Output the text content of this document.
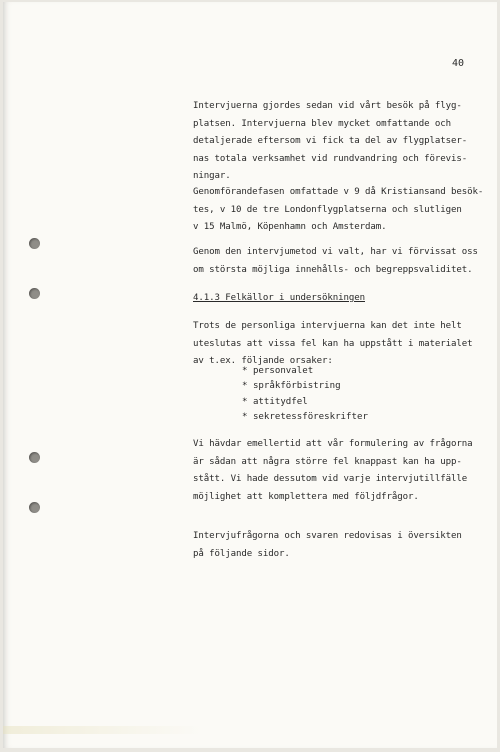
40
Intervjuerna gjordes sedan vid vårt besök på flyg-
platsen. Intervjuerna blev mycket omfattande och
detaljerade eftersom vi fick ta del av flygplatser-
nas totala verksamhet vid rundvandring och förevis-
ningar.
Genomförandefasen omfattade v 9 då Kristiansand besök-
tes, v 10 de tre Londonflygplatserna och slutligen
v 15 Malmö, Köpenhamn och Amsterdam.
Genom den intervjumetod vi valt, har vi förvissat oss
om största möjliga innehålls- och begreppsvaliditet.
4.1.3 Felkällor i undersökningen
Trots de personliga intervjuerna kan det inte helt
uteslutas att vissa fel kan ha uppstått i materialet
av t.ex. följande orsaker:
* personvalet
* språkförbistring
* attitydfel
* sekretessföreskrifter
Vi hävdar emellertid att vår formulering av frågorna
är sådan att några större fel knappast kan ha upp-
stått. Vi hade dessutom vid varje intervjutillfälle
möjlighet att komplettera med följdfrågor.
Intervjufrågorna och svaren redovisas i översikten
på följande sidor.
